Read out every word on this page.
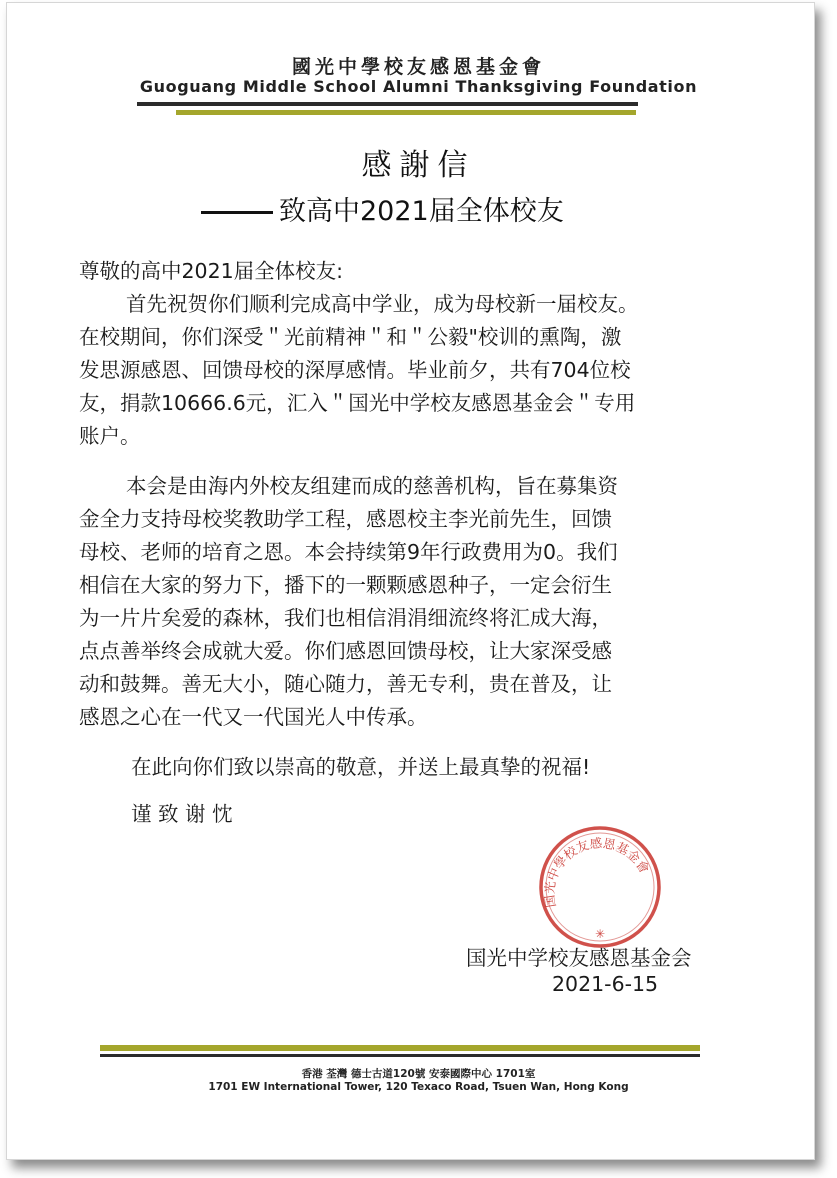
國光中學校友感恩基金會
Guoguang Middle School Alumni Thanksgiving Foundation
感謝信
致高中2021届全体校友
尊敬的高中2021届全体校友:
首先祝贺你们顺利完成高中学业，成为母校新一届校友。
在校期间，你们深受＂光前精神＂和＂公毅"校训的熏陶，激
发思源感恩、回馈母校的深厚感情。毕业前夕，共有704位校
友，捐款10666.6元，汇入＂国光中学校友感恩基金会＂专用
账户。
本会是由海内外校友组建而成的慈善机构，旨在募集资
金全力支持母校奖教助学工程，感恩校主李光前先生，回馈
母校、老师的培育之恩。本会持续第9年行政费用为0。我们
相信在大家的努力下，播下的一颗颗感恩种子，一定会衍生
为一片片矣爱的森林，我们也相信涓涓细流终将汇成大海，
点点善举终会成就大爱。你们感恩回馈母校，让大家深受感
动和鼓舞。善无大小，随心随力，善无专利，贵在普及，让
感恩之心在一代又一代国光人中传承。
在此向你们致以崇高的敬意，并送上最真挚的祝福!
谨 致 谢 忱
国光中學校友感恩基金會
✳
国光中学校友感恩基金会
2021-6-15
香港 荃灣 德士古道120號 安泰國際中心 1701室
1701 EW International Tower, 120 Texaco Road, Tsuen Wan, Hong Kong
